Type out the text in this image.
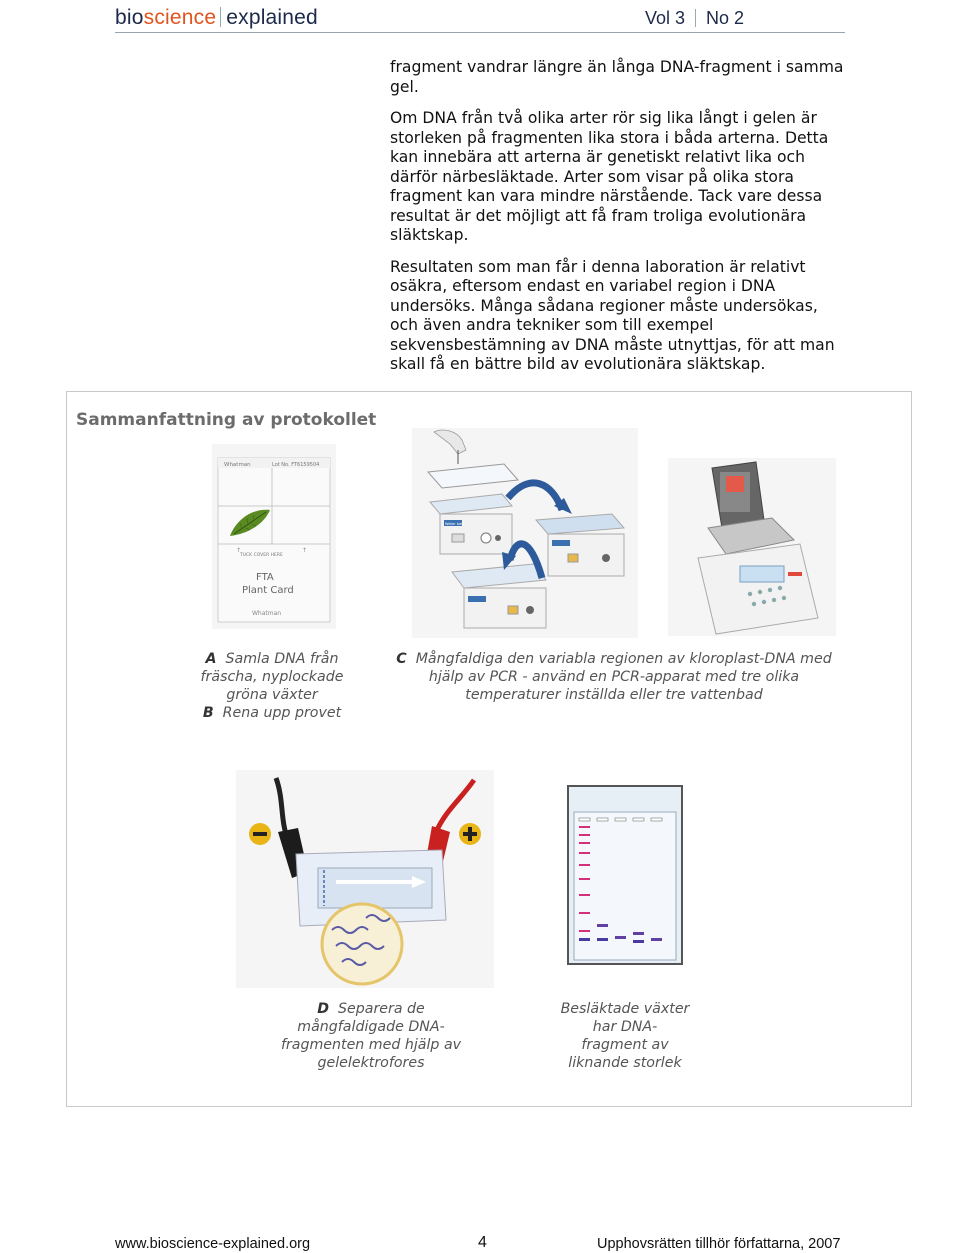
bioscience explained	Vol 3 No 2

fragment vandrar längre än långa DNA-fragment i samma gel.

Om DNA från två olika arter rör sig lika långt i gelen är storleken på fragmenten lika stora i båda arterna. Detta kan innebära att arterna är genetiskt relativt lika och därför närbesläktade. Arter som visar på olika stora fragment kan vara mindre närstående. Tack vare dessa resultat är det möjligt att få fram troliga evolutionära släktskap.

Resultaten som man får i denna laboration är relativt osäkra, eftersom endast en variabel region i DNA undersöks. Många sådana regioner måste undersökas, och även andra tekniker som till exempel sekvensbestämning av DNA måste utnyttjas, för att man skall få en bättre bild av evolutionära släktskap.

Sammanfattning av protokollet
Whatman	Lot No. FT6159504
TUCK COVER HERE
↑	↑
FTA
Plant Card
Whatman
Water bath
A Samla DNA från fräscha, nyplockade gröna växter
B Rena upp provet
C Mångfaldiga den variabla regionen av kloroplast-DNA med hjälp av PCR - använd en PCR-apparat med tre olika temperaturer inställda eller tre vattenbad
D Separera de mångfaldigade DNA-fragmenten med hjälp av gelelektrofores
Besläktade växter har DNA-fragment av liknande storlek
www.bioscience-explained.org	4	Upphovsrätten tillhör författarna, 2007
